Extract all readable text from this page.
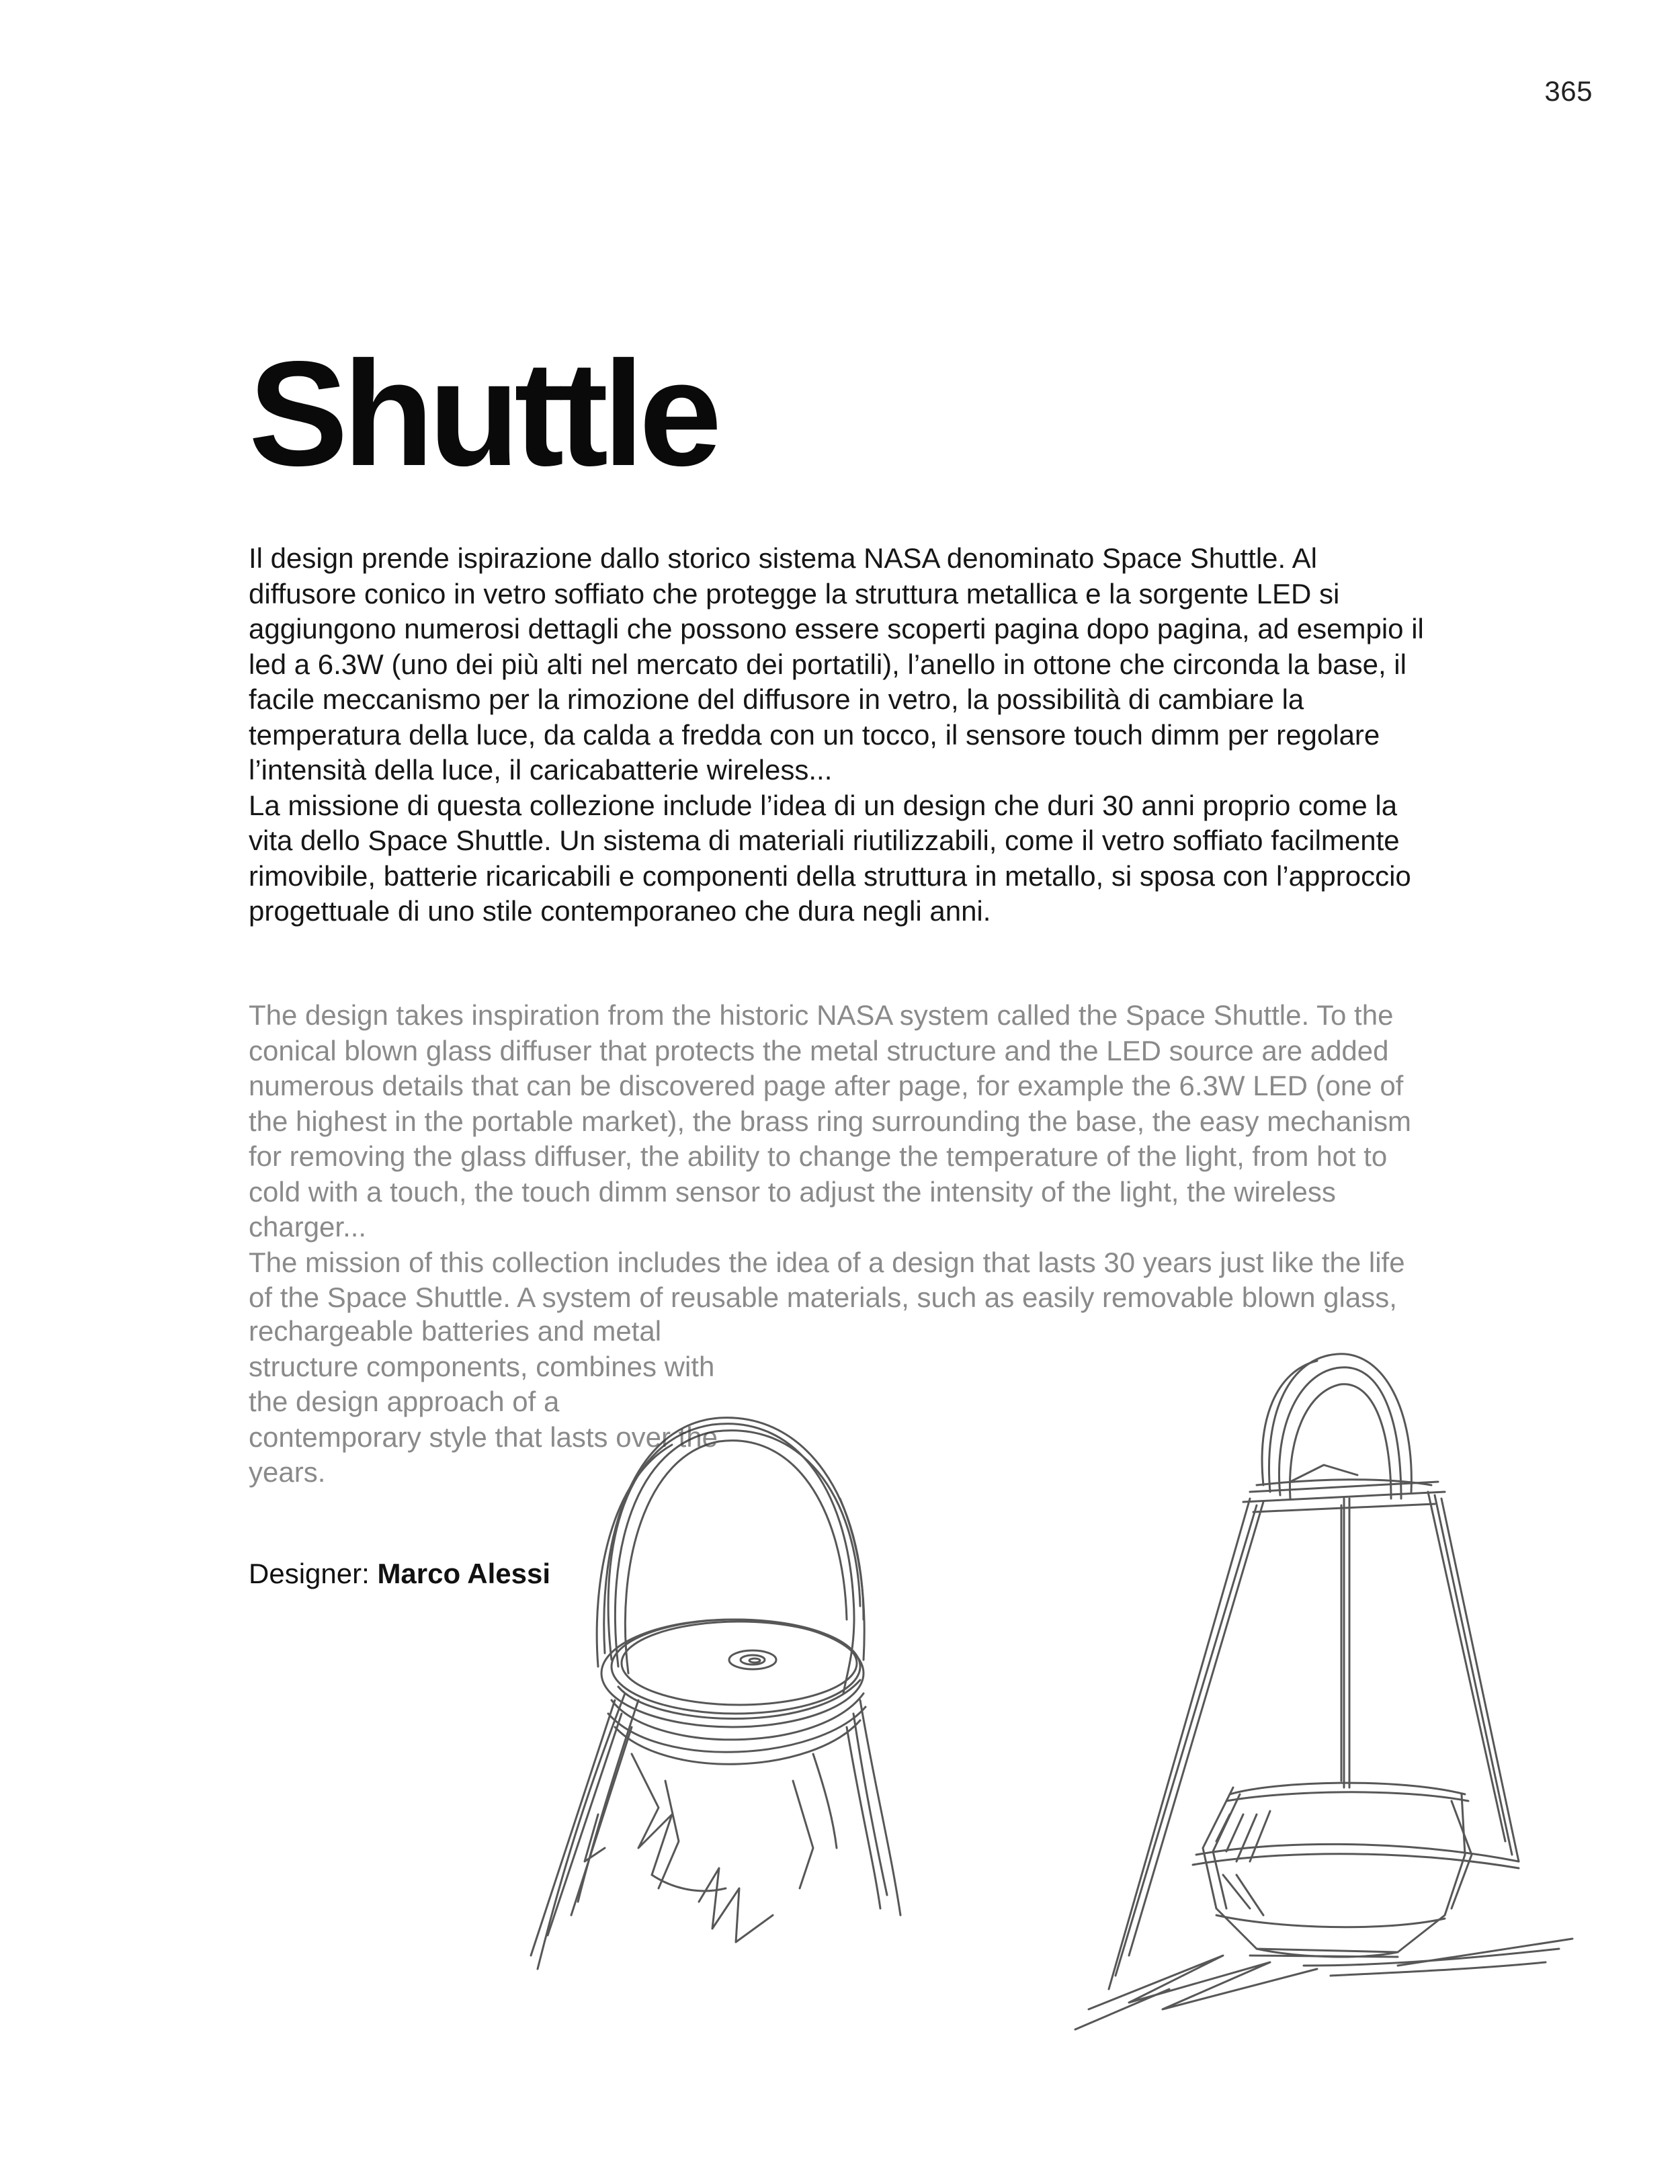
365
Shuttle

Il design prende ispirazione dallo storico sistema NASA denominato Space Shuttle. Al diffusore conico in vetro soffiato che protegge la struttura metallica e la sorgente LED si aggiungono numerosi dettagli che possono essere scoperti pagina dopo pagina, ad esempio il led a 6.3W (uno dei più alti nel mercato dei portatili), l’anello in ottone che circonda la base, il facile meccanismo per la rimozione del diffusore in vetro, la possibilità di cambiare la temperatura della luce, da calda a fredda con un tocco, il sensore touch dimm per regolare l’intensità della luce, il caricabatterie wireless...

La missione di questa collezione include l’idea di un design che duri 30 anni proprio come la vita dello Space Shuttle. Un sistema di materiali riutilizzabili, come il vetro soffiato facilmente rimovibile, batterie ricaricabili e componenti della struttura in metallo, si sposa con l’approccio progettuale di uno stile contemporaneo che dura negli anni.

The design takes inspiration from the historic NASA system called the Space Shuttle. To the conical blown glass diffuser that protects the metal structure and the LED source are added numerous details that can be discovered page after page, for example the 6.3W LED (one of the highest in the portable market), the brass ring surrounding the base, the easy mechanism for removing the glass diffuser, the ability to change the temperature of the light, from hot to cold with a touch, the touch dimm sensor to adjust the intensity of the light, the wireless charger...

The mission of this collection includes the idea of a design that lasts 30 years just like the life of the Space Shuttle. A system of reusable materials, such as easily removable blown glass,

rechargeable batteries and metal structure components, combines with the design approach of a contemporary style that lasts over the years.

Designer: Marco Alessi
